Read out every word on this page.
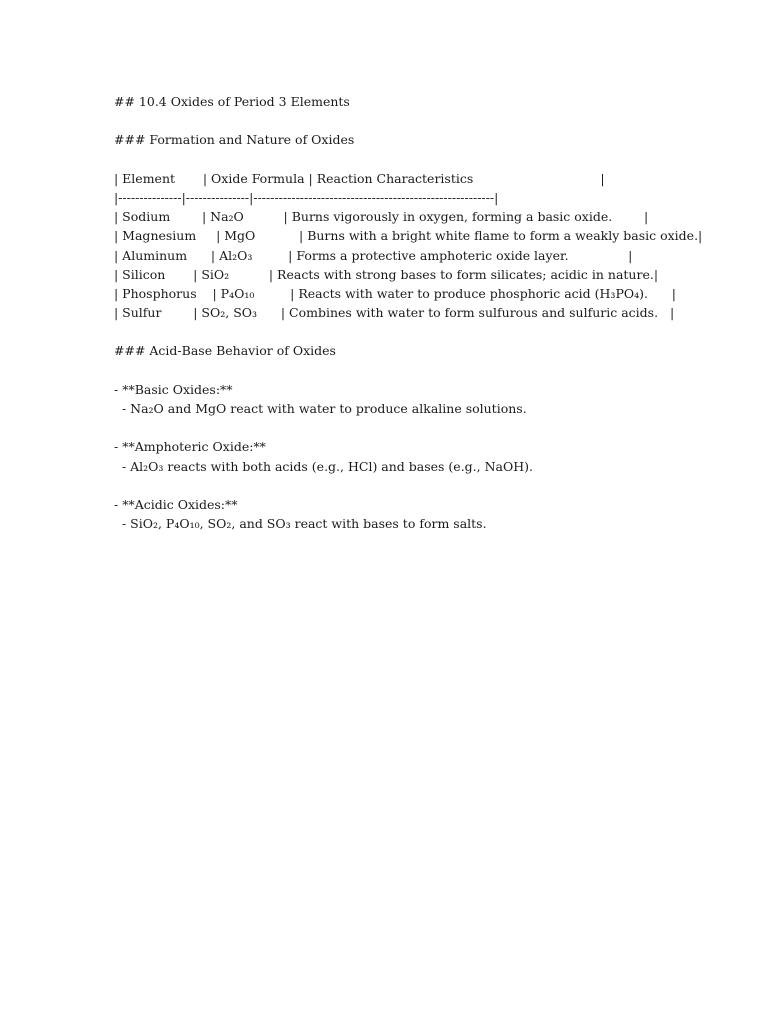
## 10.4 Oxides of Period 3 Elements
### Formation and Nature of Oxides
| Element       | Oxide Formula | Reaction Characteristics                                |
|---------------|---------------|---------------------------------------------------------|
| Sodium        | Na₂O          | Burns vigorously in oxygen, forming a basic oxide.        |
| Magnesium     | MgO           | Burns with a bright white flame to form a weakly basic oxide.|
| Aluminum      | Al₂O₃         | Forms a protective amphoteric oxide layer.               |
| Silicon       | SiO₂          | Reacts with strong bases to form silicates; acidic in nature.|
| Phosphorus    | P₄O₁₀         | Reacts with water to produce phosphoric acid (H₃PO₄).      |
| Sulfur        | SO₂, SO₃      | Combines with water to form sulfurous and sulfuric acids.   |
### Acid-Base Behavior of Oxides
- **Basic Oxides:**
- Na₂O and MgO react with water to produce alkaline solutions.
- **Amphoteric Oxide:**
- Al₂O₃ reacts with both acids (e.g., HCl) and bases (e.g., NaOH).
- **Acidic Oxides:**
- SiO₂, P₄O₁₀, SO₂, and SO₃ react with bases to form salts.
